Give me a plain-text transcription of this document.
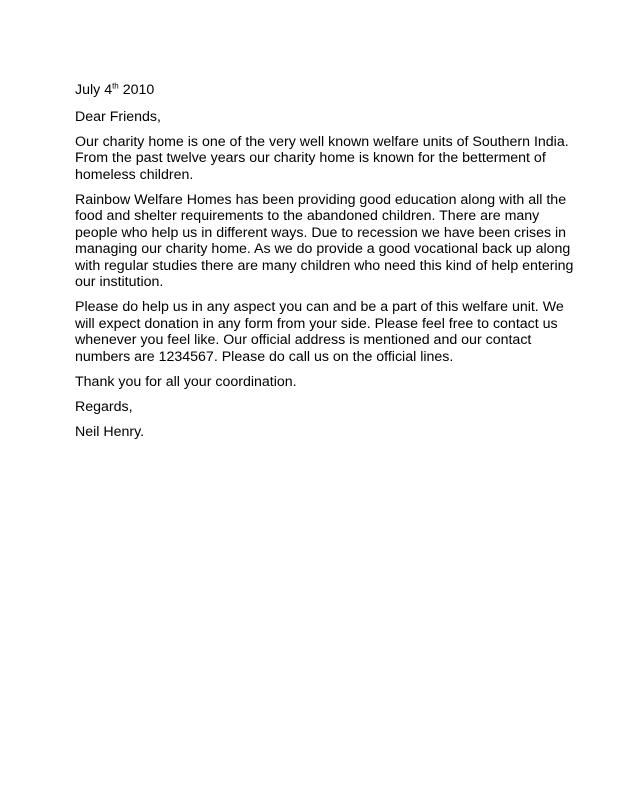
July 4th 2010

Dear Friends,

Our charity home is one of the very well known welfare units of Southern India. From the past twelve years our charity home is known for the betterment of homeless children.

Rainbow Welfare Homes has been providing good education along with all the food and shelter requirements to the abandoned children. There are many people who help us in different ways. Due to recession we have been crises in managing our charity home. As we do provide a good vocational back up along with regular studies there are many children who need this kind of help entering our institution.

Please do help us in any aspect you can and be a part of this welfare unit. We will expect donation in any form from your side. Please feel free to contact us whenever you feel like. Our official address is mentioned and our contact numbers are 1234567. Please do call us on the official lines.

Thank you for all your coordination.

Regards,

Neil Henry.
